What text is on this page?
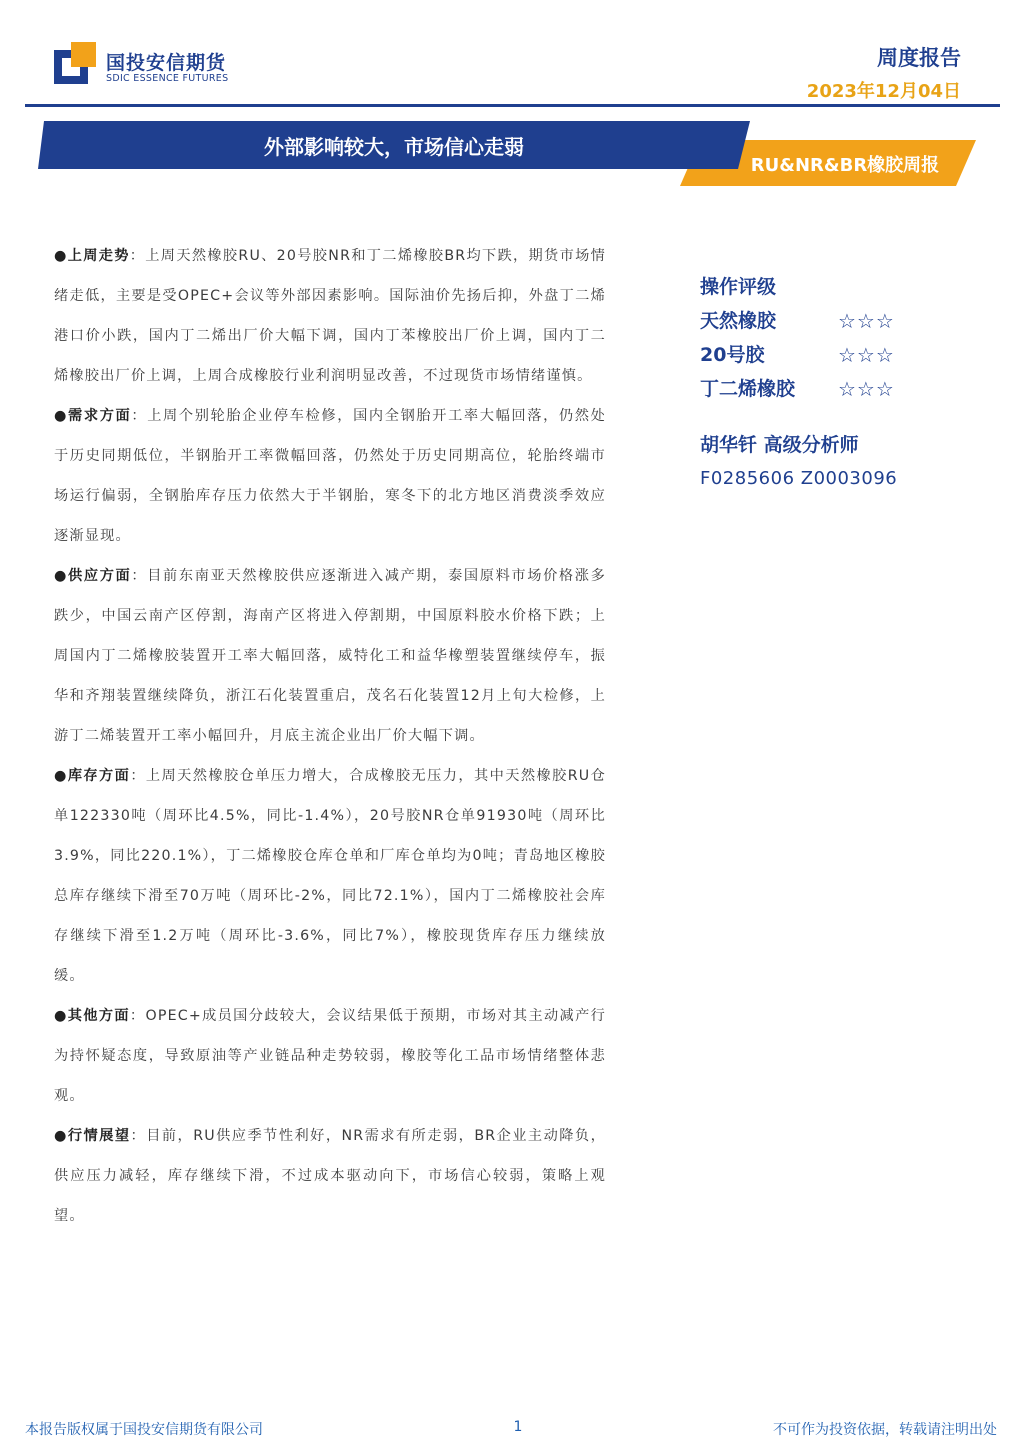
国投安信期货
SDIC ESSENCE FUTURES
周度报告
2023年12月04日
外部影响较大，市场信心走弱
RU&NR&BR橡胶周报
●上周走势：上周天然橡胶RU、20号胶NR和丁二烯橡胶BR均下跌，期货市场情绪走低，主要是受OPEC+会议等外部因素影响。国际油价先扬后抑，外盘丁二烯港口价小跌，国内丁二烯出厂价大幅下调，国内丁苯橡胶出厂价上调，国内丁二烯橡胶出厂价上调，上周合成橡胶行业利润明显改善，不过现货市场情绪谨慎。
●需求方面：上周个别轮胎企业停车检修，国内全钢胎开工率大幅回落，仍然处于历史同期低位，半钢胎开工率微幅回落，仍然处于历史同期高位，轮胎终端市场运行偏弱，全钢胎库存压力依然大于半钢胎，寒冬下的北方地区消费淡季效应逐渐显现。
●供应方面：目前东南亚天然橡胶供应逐渐进入减产期，泰国原料市场价格涨多跌少，中国云南产区停割，海南产区将进入停割期，中国原料胶水价格下跌；上周国内丁二烯橡胶装置开工率大幅回落，威特化工和益华橡塑装置继续停车，振华和齐翔装置继续降负，浙江石化装置重启，茂名石化装置12月上旬大检修，上游丁二烯装置开工率小幅回升，月底主流企业出厂价大幅下调。
●库存方面：上周天然橡胶仓单压力增大，合成橡胶无压力，其中天然橡胶RU仓单122330吨（周环比4.5%，同比-1.4%），20号胶NR仓单91930吨（周环比3.9%，同比220.1%），丁二烯橡胶仓库仓单和厂库仓单均为0吨；青岛地区橡胶总库存继续下滑至70万吨（周环比-2%，同比72.1%），国内丁二烯橡胶社会库存继续下滑至1.2万吨（周环比-3.6%，同比7%），橡胶现货库存压力继续放缓。
●其他方面：OPEC+成员国分歧较大，会议结果低于预期，市场对其主动减产行为持怀疑态度，导致原油等产业链品种走势较弱，橡胶等化工品市场情绪整体悲观。
●行情展望：目前，RU供应季节性利好，NR需求有所走弱，BR企业主动降负，供应压力减轻，库存继续下滑，不过成本驱动向下，市场信心较弱，策略上观望。
操作评级
天然橡胶	☆☆☆
20号胶	☆☆☆
丁二烯橡胶 ☆☆☆
胡华钎 高级分析师
F0285606 Z0003096
本报告版权属于国投安信期货有限公司	1	不可作为投资依据，转载请注明出处
